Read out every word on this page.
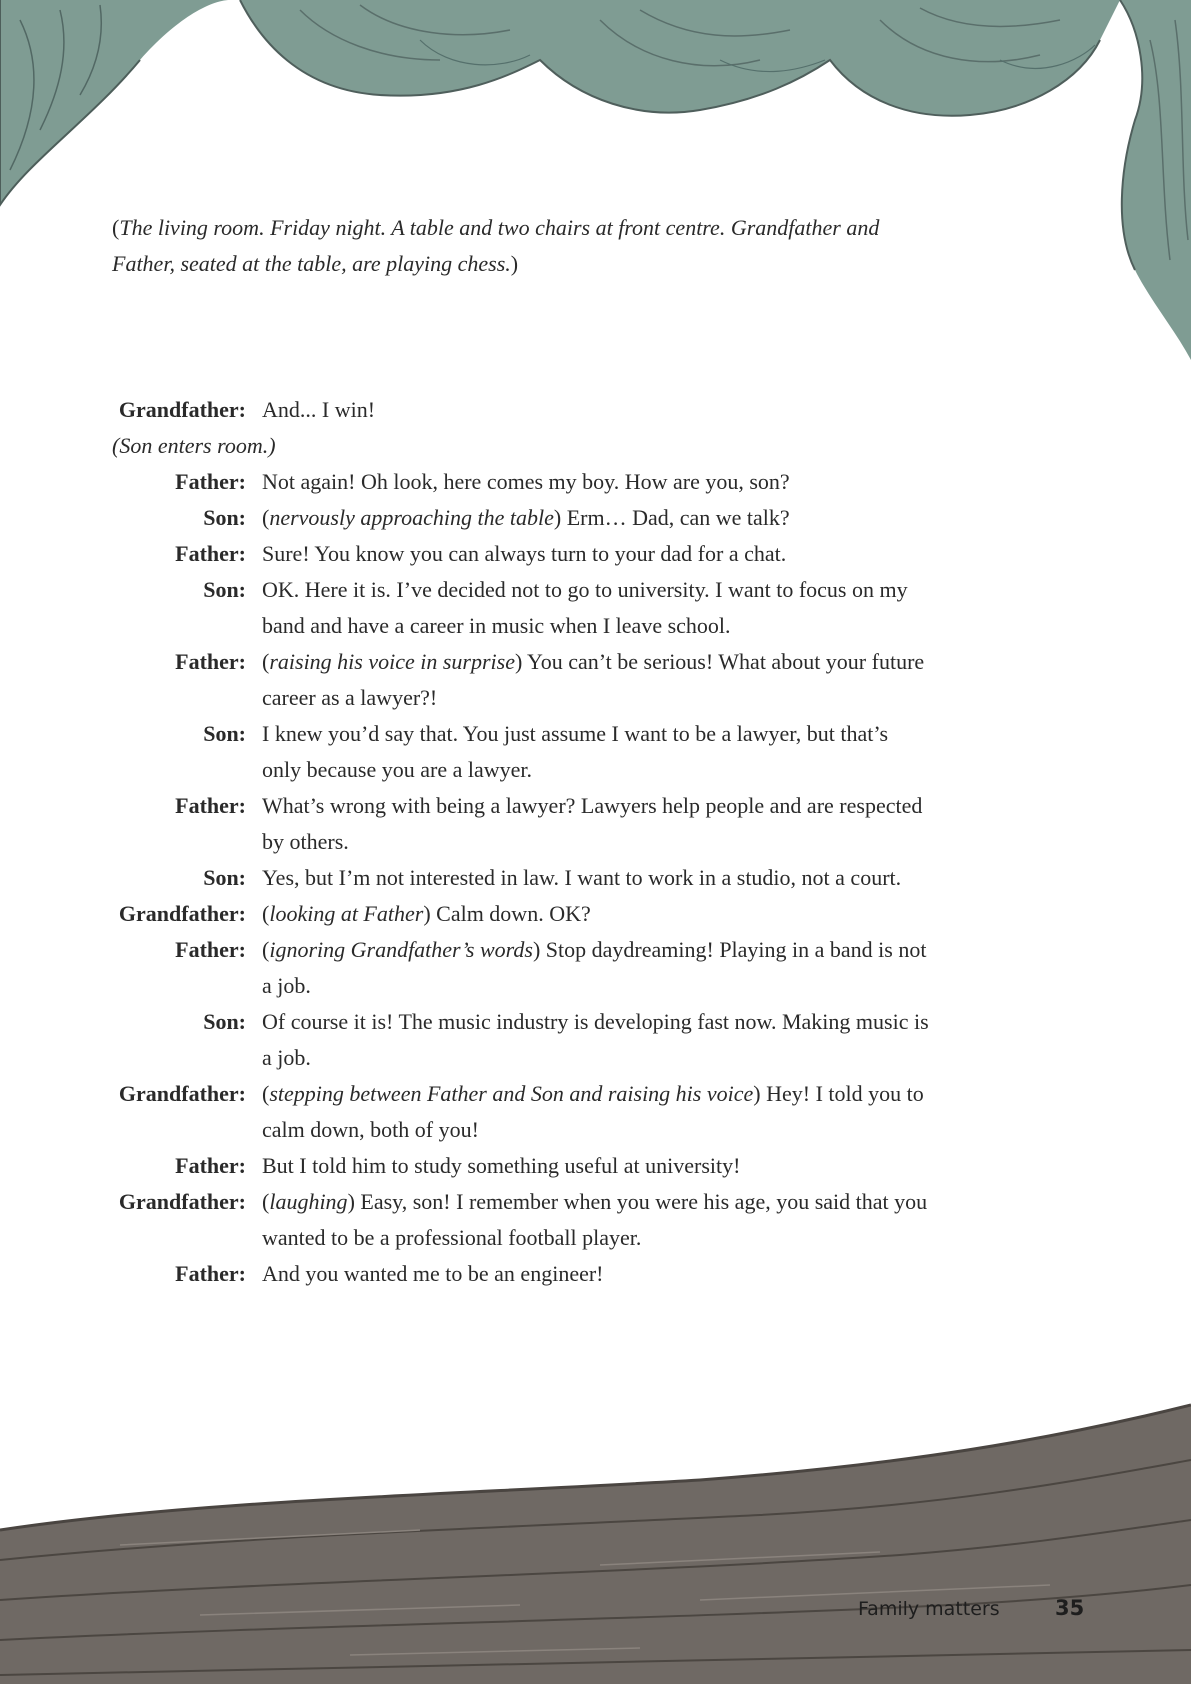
(The living room. Friday night. A table and two chairs at front centre. Grandfather and Father, seated at the table, are playing chess.)

Grandfather: And... I win!
(Son enters room.)
Father: Not again! Oh look, here comes my boy. How are you, son?
Son: (nervously approaching the table) Erm… Dad, can we talk?
Father: Sure! You know you can always turn to your dad for a chat.
Son: OK. Here it is. I’ve decided not to go to university. I want to focus on my band and have a career in music when I leave school.
Father: (raising his voice in surprise) You can’t be serious! What about your future career as a lawyer?!
Son: I knew you’d say that. You just assume I want to be a lawyer, but that’s only because you are a lawyer.
Father: What’s wrong with being a lawyer? Lawyers help people and are respected by others.
Son: Yes, but I’m not interested in law. I want to work in a studio, not a court.
Grandfather: (looking at Father) Calm down. OK?
Father: (ignoring Grandfather’s words) Stop daydreaming! Playing in a band is not a job.
Son: Of course it is! The music industry is developing fast now. Making music is a job.
Grandfather: (stepping between Father and Son and raising his voice) Hey! I told you to calm down, both of you!
Father: But I told him to study something useful at university!
Grandfather: (laughing) Easy, son! I remember when you were his age, you said that you wanted to be a professional football player.
Father: And you wanted me to be an engineer!
Family matters	35
